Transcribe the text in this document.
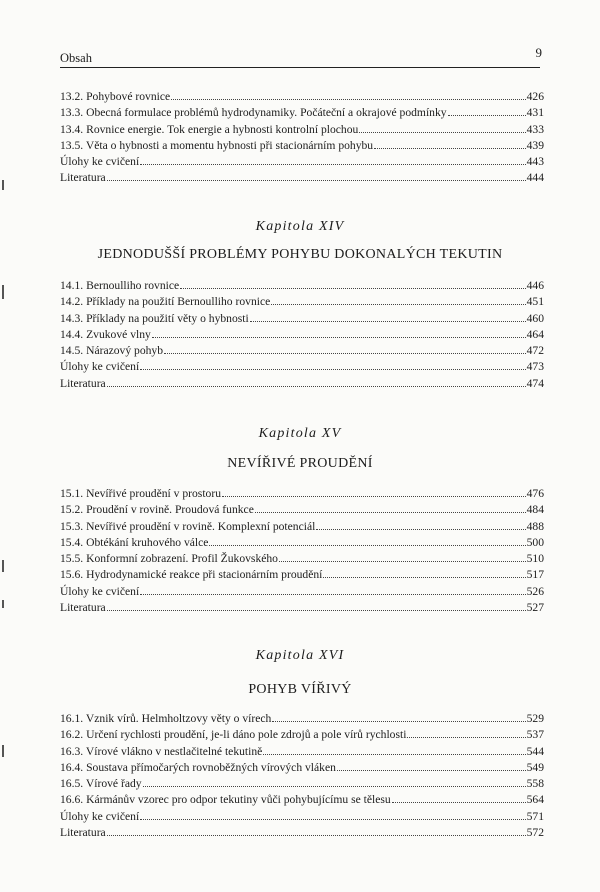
Obsah	9
13.2. Pohybové rovnice	426
13.3. Obecná formulace problémů hydrodynamiky. Počáteční a okrajové podmínky	431
13.4. Rovnice energie. Tok energie a hybnosti kontrolní plochou	433
13.5. Věta o hybnosti a momentu hybnosti při stacionárním pohybu	439
Úlohy ke cvičení	443
Literatura	444
Kapitola XIV
JEDNODUŠŠÍ PROBLÉMY POHYBU DOKONALÝCH TEKUTIN
14.1. Bernoulliho rovnice	446
14.2. Příklady na použití Bernoulliho rovnice	451
14.3. Příklady na použití věty o hybnosti	460
14.4. Zvukové vlny	464
14.5. Nárazový pohyb	472
Úlohy ke cvičení	473
Literatura	474
Kapitola XV
NEVÍŘIVÉ PROUDĚNÍ
15.1. Nevířivé proudění v prostoru	476
15.2. Proudění v rovině. Proudová funkce	484
15.3. Nevířivé proudění v rovině. Komplexní potenciál	488
15.4. Obtékání kruhového válce	500
15.5. Konformní zobrazení. Profil Žukovského	510
15.6. Hydrodynamické reakce při stacionárním proudění	517
Úlohy ke cvičení	526
Literatura	527
Kapitola XVI
POHYB VÍŘIVÝ
16.1. Vznik vírů. Helmholtzovy věty o vírech	529
16.2. Určení rychlosti proudění, je-li dáno pole zdrojů a pole vírů rychlosti	537
16.3. Vírové vlákno v nestlačitelné tekutině	544
16.4. Soustava přímočarých rovnoběžných vírových vláken	549
16.5. Vírové řady	558
16.6. Kármánův vzorec pro odpor tekutiny vůči pohybujícímu se tělesu	564
Úlohy ke cvičení	571
Literatura	572
